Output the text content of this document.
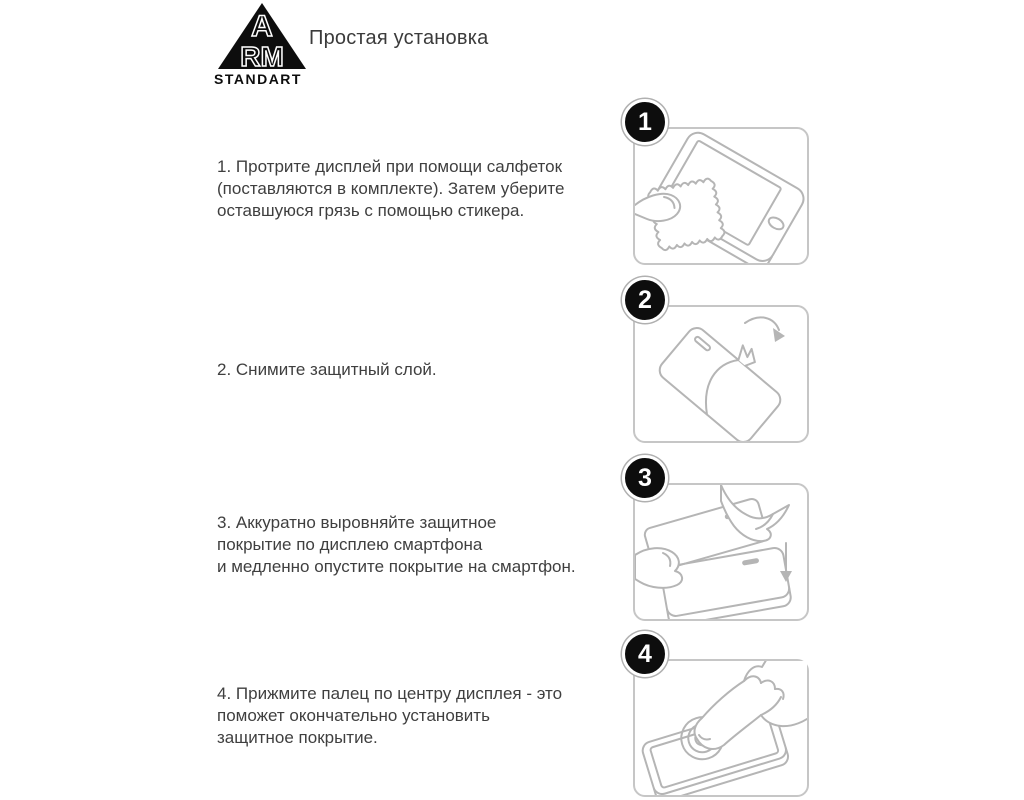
A
RM
STANDART
Простая установка
1. Протрите дисплей при помощи салфеток
(поставляются в комплекте). Затем уберите
оставшуюся грязь с помощью стикера.
2. Снимите защитный слой.
3. Аккуратно выровняйте защитное
покрытие по дисплею смартфона
и медленно опустите покрытие на смартфон.
4. Прижмите палец по центру дисплея - это
поможет окончательно установить
защитное покрытие.
1
2
3
4
